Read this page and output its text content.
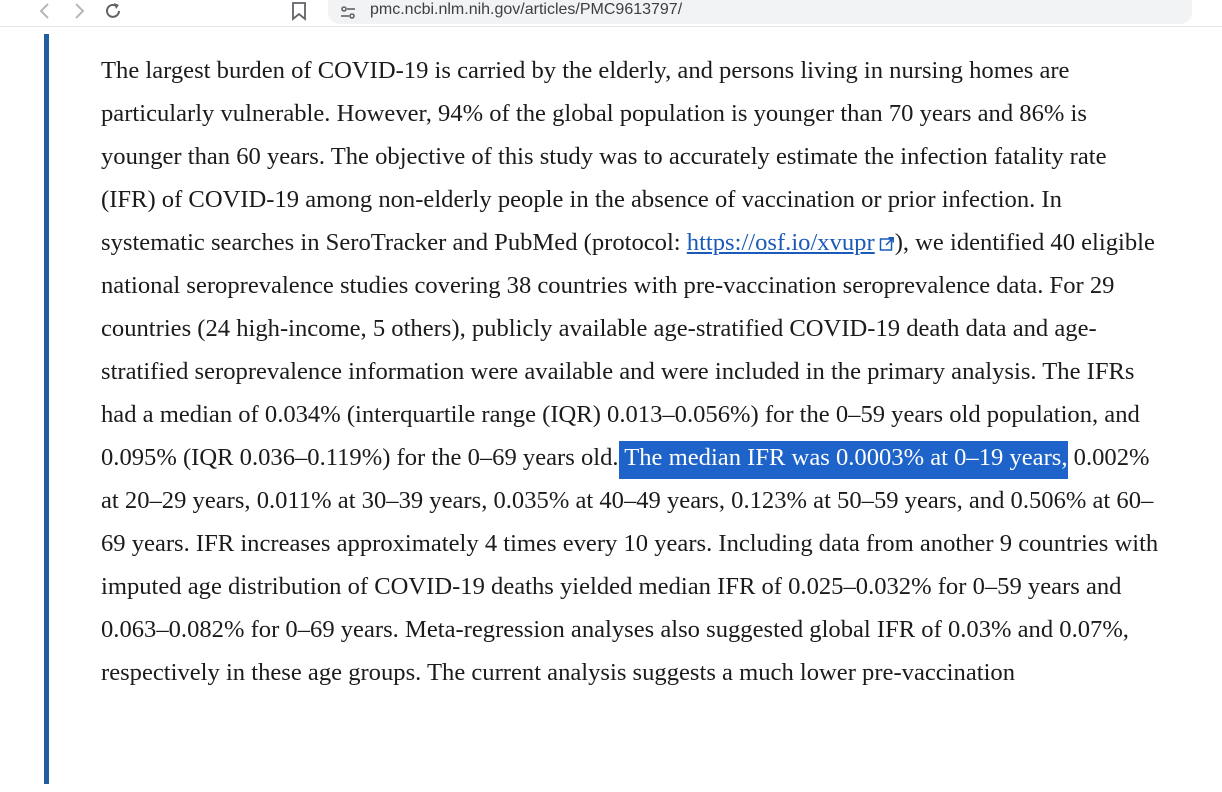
pmc.ncbi.nlm.nih.gov/articles/PMC9613797/

The largest burden of COVID-19 is carried by the elderly, and persons living in nursing homes are particularly vulnerable. However, 94% of the global population is younger than 70 years and 86% is younger than 60 years. The objective of this study was to accurately estimate the infection fatality rate (IFR) of COVID-19 among non-elderly people in the absence of vaccination or prior infection. In systematic searches in SeroTracker and PubMed (protocol: https://osf.io/xvupr ), we identified 40 eligible national seroprevalence studies covering 38 countries with pre-vaccination seroprevalence data. For 29 countries (24 high-income, 5 others), publicly available age-stratified COVID-19 death data and age-stratified seroprevalence information were available and were included in the primary analysis. The IFRs had a median of 0.034% (interquartile range (IQR) 0.013–0.056%) for the 0–59 years old population, and 0.095% (IQR 0.036–0.119%) for the 0–69 years old. The median IFR was 0.0003% at 0–19 years, 0.002% at 20–29 years, 0.011% at 30–39 years, 0.035% at 40–49 years, 0.123% at 50–59 years, and 0.506% at 60–69 years. IFR increases approximately 4 times every 10 years. Including data from another 9 countries with imputed age distribution of COVID-19 deaths yielded median IFR of 0.025–0.032% for 0–59 years and 0.063–0.082% for 0–69 years. Meta-regression analyses also suggested global IFR of 0.03% and 0.07%, respectively in these age groups. The current analysis suggests a much lower pre-vaccination
